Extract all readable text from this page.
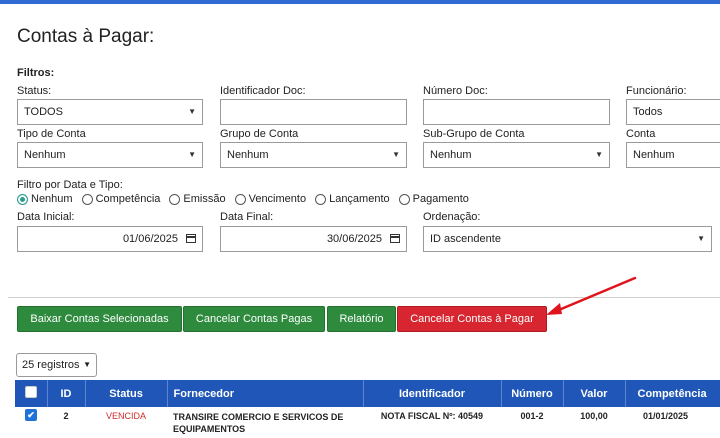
Contas à Pagar:
Filtros:
Status:
TODOS	▼
Identificador Doc:	Número Doc:	Funcionário:
Todos
Tipo de Conta
Nenhum	▼
Grupo de Conta
Nenhum	▼
Sub-Grupo de Conta
Nenhum	▼
Conta
Nenhum
Filtro por Data e Tipo:
Nenhum Competência Emissão Vencimento Lançamento Pagamento
Data Inicial:
01/06/2025
Data Final:
30/06/2025
Ordenação:
ID ascendente	▼
Baixar Contas Selecionadas	Cancelar Contas Pagas	Relatório	Cancelar Contas à Pagar
25 registros ▼
	ID	Status	Fornecedor	Identificador	Número	Valor	Competência
✔	2	VENCIDA	TRANSIRE COMERCIO E SERVICOS DE EQUIPAMENTOS	NOTA FISCAL Nº: 40549	001-2	100,00	01/01/2025
